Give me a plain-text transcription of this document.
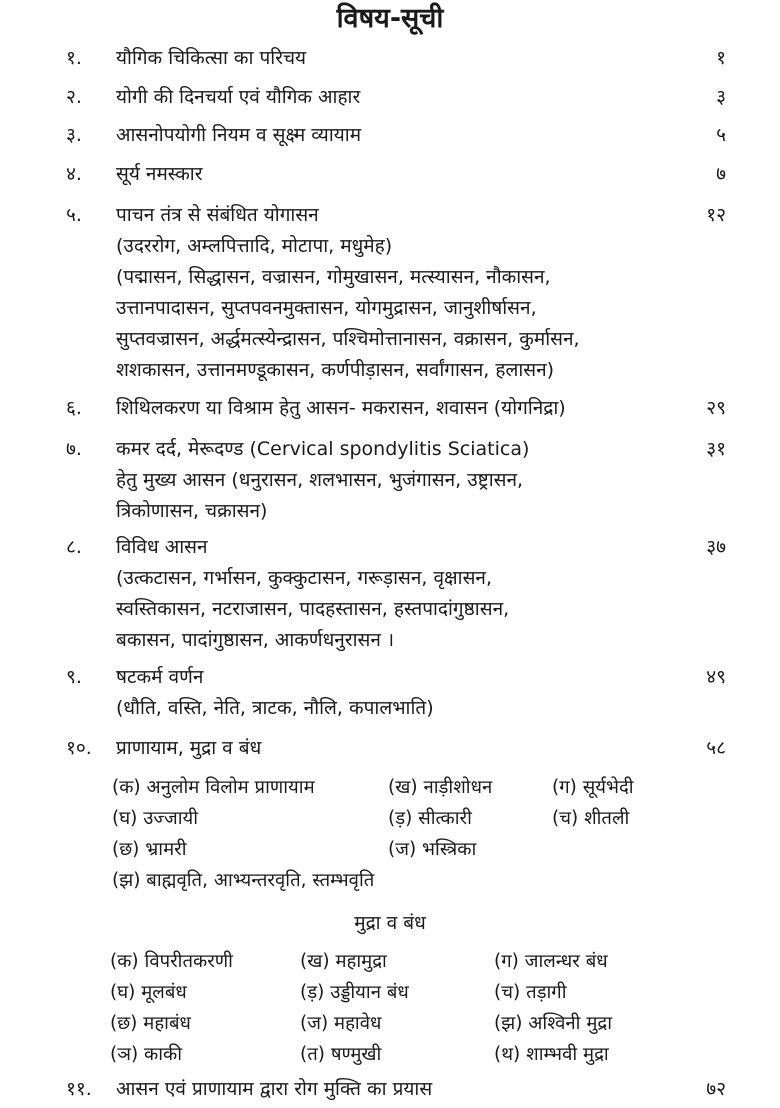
विषय-सूची
१. यौगिक चिकित्सा का परिचय	१
२. योगी की दिनचर्या एवं यौगिक आहार	३
३. आसनोपयोगी नियम व सूक्ष्म व्यायाम	५
४. सूर्य नमस्कार	७
५. पाचन तंत्र से संबंधित योगासन	१२
(उदररोग, अम्लपित्तादि, मोटापा, मधुमेह)
(पद्मासन, सिद्धासन, वज्रासन, गोमुखासन, मत्स्यासन, नौकासन,
उत्तानपादासन, सुप्तपवनमुक्तासन, योगमुद्रासन, जानुशीर्षासन,
सुप्तवज्रासन, अर्द्धमत्स्येन्द्रासन, पश्चिमोत्तानासन, वक्रासन, कुर्मासन,
शशकासन, उत्तानमण्डूकासन, कर्णपीड़ासन, सर्वांगासन, हलासन)
६. शिथिलकरण या विश्राम हेतु आसन- मकरासन, शवासन (योगनिद्रा)	२९
७. कमर दर्द, मेरूदण्ड (Cervical spondylitis Sciatica)	३१
हेतु मुख्य आसन (धनुरासन, शलभासन, भुजंगासन, उष्ट्रासन,
त्रिकोणासन, चक्रासन)
८. विविध आसन	३७
(उत्कटासन, गर्भासन, कुक्कुटासन, गरूड़ासन, वृक्षासन,
स्वस्तिकासन, नटराजासन, पादहस्तासन, हस्तपादांगुष्ठासन,
बकासन, पादांगुष्ठासन, आकर्णधनुरासन ।
९. षटकर्म वर्णन	४९
(धौति, वस्ति, नेति, त्राटक, नौलि, कपालभाति)
१०. प्राणायाम, मुद्रा व बंध	५८
(क) अनुलोम विलोम प्राणायाम	(ख) नाड़ीशोधन	(ग) सूर्यभेदी
(घ) उज्जायी	(ड़) सीत्कारी	(च) शीतली
(छ) भ्रामरी	(ज) भस्त्रिका
(झ) बाह्मवृति, आभ्यन्तरवृति, स्तम्भवृति
मुद्रा व बंध
(क) विपरीतकरणी	(ख) महामुद्रा	(ग) जालन्धर बंध
(घ) मूलबंध	(ड़) उड्डीयान बंध	(च) तड़ागी
(छ) महाबंध	(ज) महावेध	(झ) अश्विनी मुद्रा
(ञ) काकी	(त) षण्मुखी	(थ) शाम्भवी मुद्रा
११. आसन एवं प्राणायाम द्वारा रोग मुक्ति का प्रयास	७२
